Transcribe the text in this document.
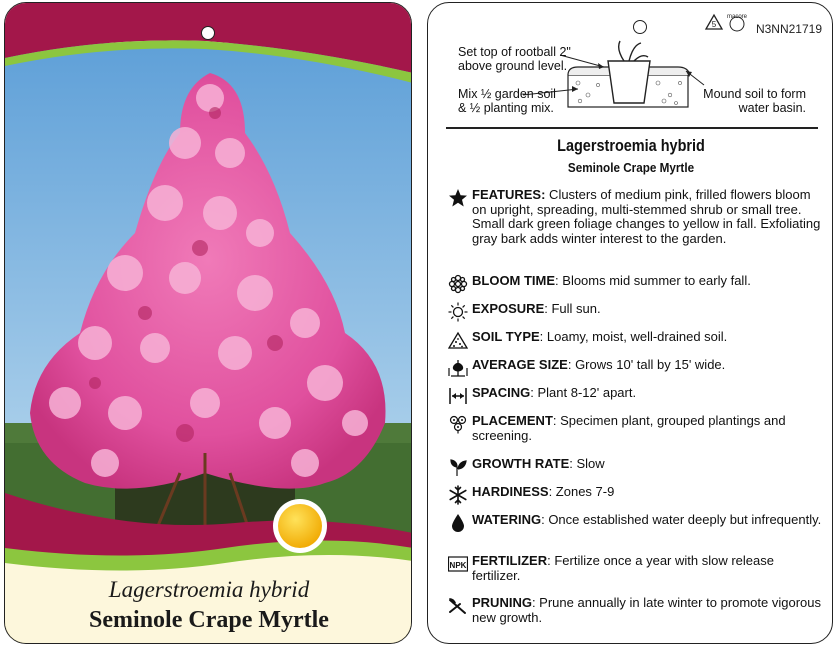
Lagerstroemia hybrid
Seminole Crape Myrtle
5
macore
N3NN21719
Set top of rootball 2"
above ground level.
Mix ½ garden soil
& ½ planting mix.
Mound soil to form
water basin.
Lagerstroemia hybrid
Seminole Crape Myrtle
FEATURES: Clusters of medium pink, frilled flowers bloom on upright, spreading, multi-stemmed shrub or small tree. Small dark green foliage changes to yellow in fall. Exfoliating gray bark adds winter interest to the garden.
BLOOM TIME: Blooms mid summer to early fall.
EXPOSURE: Full sun.
SOIL TYPE: Loamy, moist, well-drained soil.
AVERAGE SIZE: Grows 10' tall by 15' wide.
SPACING: Plant 8-12' apart.
PLACEMENT: Specimen plant, grouped plantings and screening.
GROWTH RATE: Slow
HARDINESS: Zones 7-9
WATERING: Once established water deeply but infrequently.
NPK FERTILIZER: Fertilize once a year with slow release fertilizer.
PRUNING: Prune annually in late winter to promote vigorous new growth.
